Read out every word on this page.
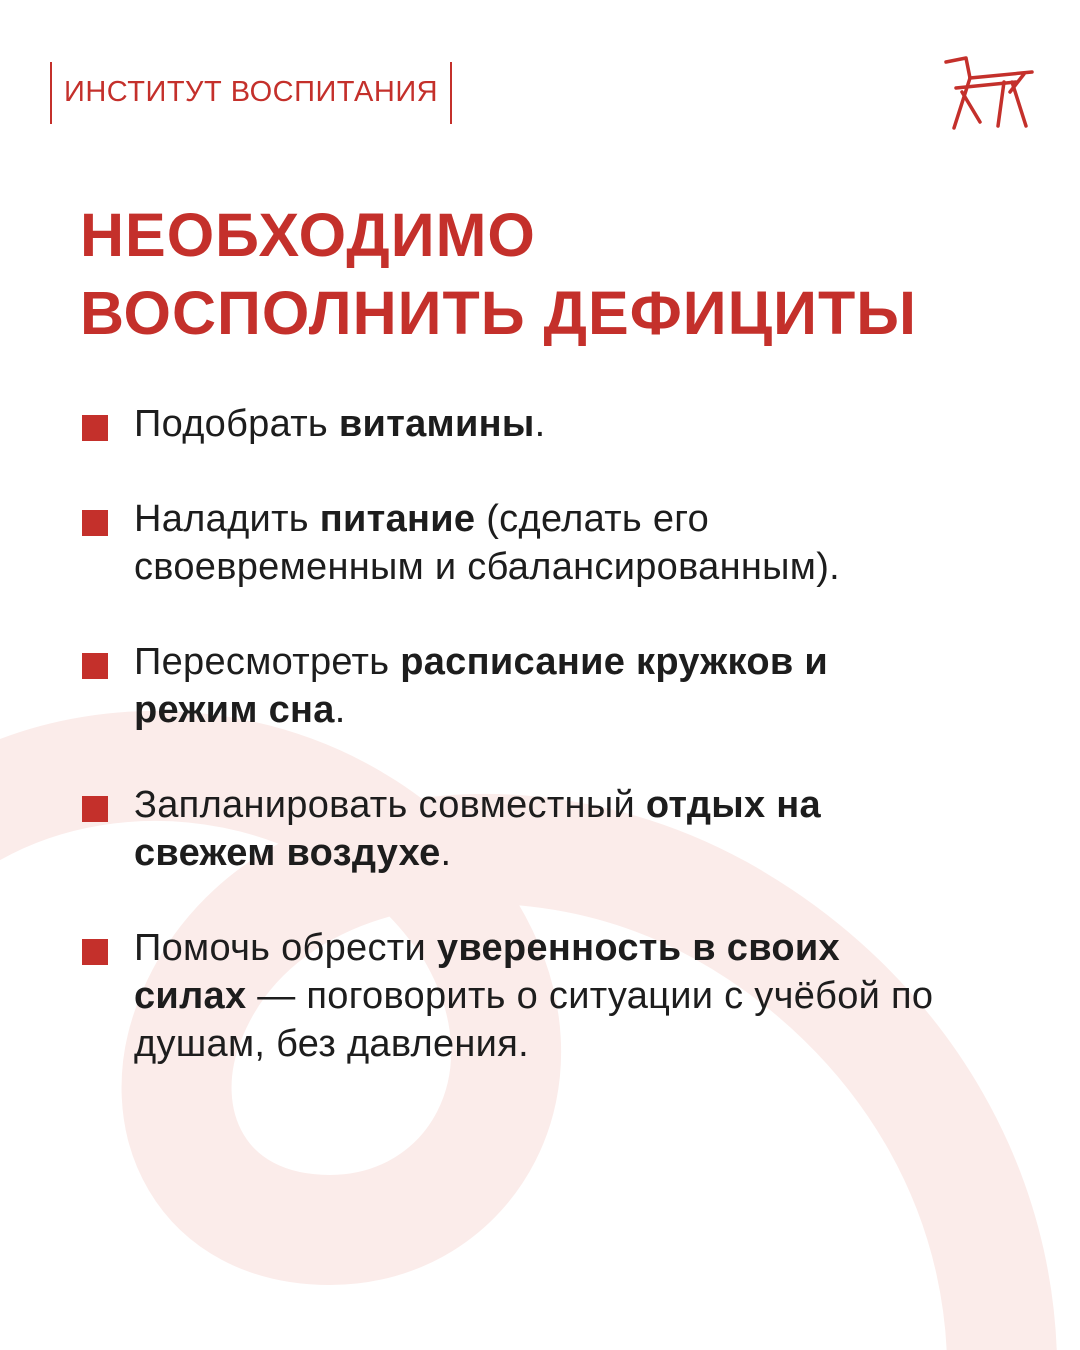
ИНСТИТУТ ВОСПИТАНИЯ
НЕОБХОДИМО
ВОСПОЛНИТЬ ДЕФИЦИТЫ
Подобрать витамины.
Наладить питание (сделать его своевременным и сбалансированным).
Пересмотреть расписание кружков и режим сна.
Запланировать совместный отдых на свежем воздухе.
Помочь обрести уверенность в своих силах — поговорить о ситуации с учёбой по душам, без давления.
